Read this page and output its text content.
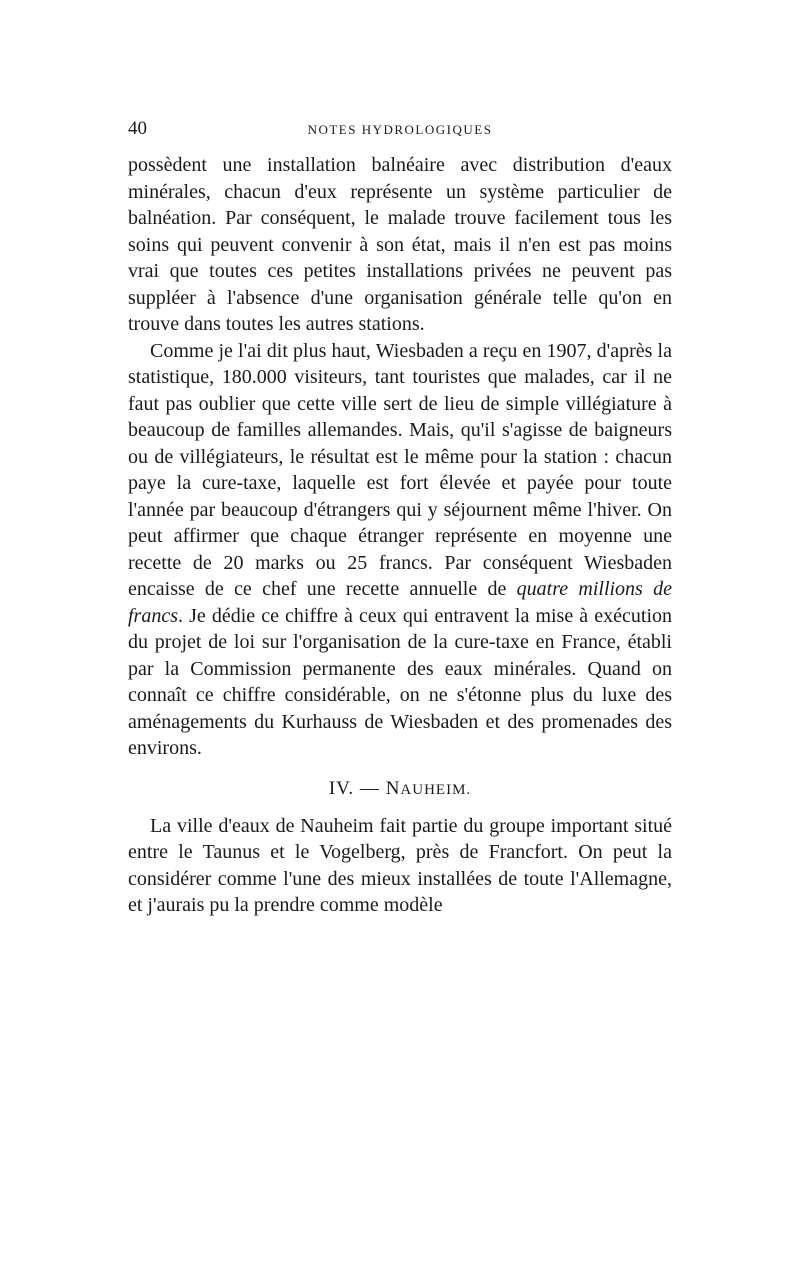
40	NOTES HYDROLOGIQUES

possèdent une installation balnéaire avec distribution d'eaux minérales, chacun d'eux représente un système particulier de balnéation. Par conséquent, le malade trouve facilement tous les soins qui peuvent convenir à son état, mais il n'en est pas moins vrai que toutes ces petites installations privées ne peuvent pas suppléer à l'absence d'une organisation générale telle qu'on en trouve dans toutes les autres stations.

Comme je l'ai dit plus haut, Wiesbaden a reçu en 1907, d'après la statistique, 180.000 visiteurs, tant touristes que malades, car il ne faut pas oublier que cette ville sert de lieu de simple villégiature à beaucoup de familles allemandes. Mais, qu'il s'agisse de baigneurs ou de villégiateurs, le résultat est le même pour la station : chacun paye la cure-taxe, laquelle est fort élevée et payée pour toute l'année par beaucoup d'étrangers qui y séjournent même l'hiver. On peut affirmer que chaque étranger représente en moyenne une recette de 20 marks ou 25 francs. Par conséquent Wiesbaden encaisse de ce chef une recette annuelle de quatre millions de francs. Je dédie ce chiffre à ceux qui entravent la mise à exécution du projet de loi sur l'organisation de la cure-taxe en France, établi par la Commission permanente des eaux minérales. Quand on connaît ce chiffre considérable, on ne s'étonne plus du luxe des aménagements du Kurhauss de Wiesbaden et des promenades des environs.

IV. — NAUHEIM.

La ville d'eaux de Nauheim fait partie du groupe important situé entre le Taunus et le Vogelberg, près de Francfort. On peut la considérer comme l'une des mieux installées de toute l'Allemagne, et j'aurais pu la prendre comme modèle
